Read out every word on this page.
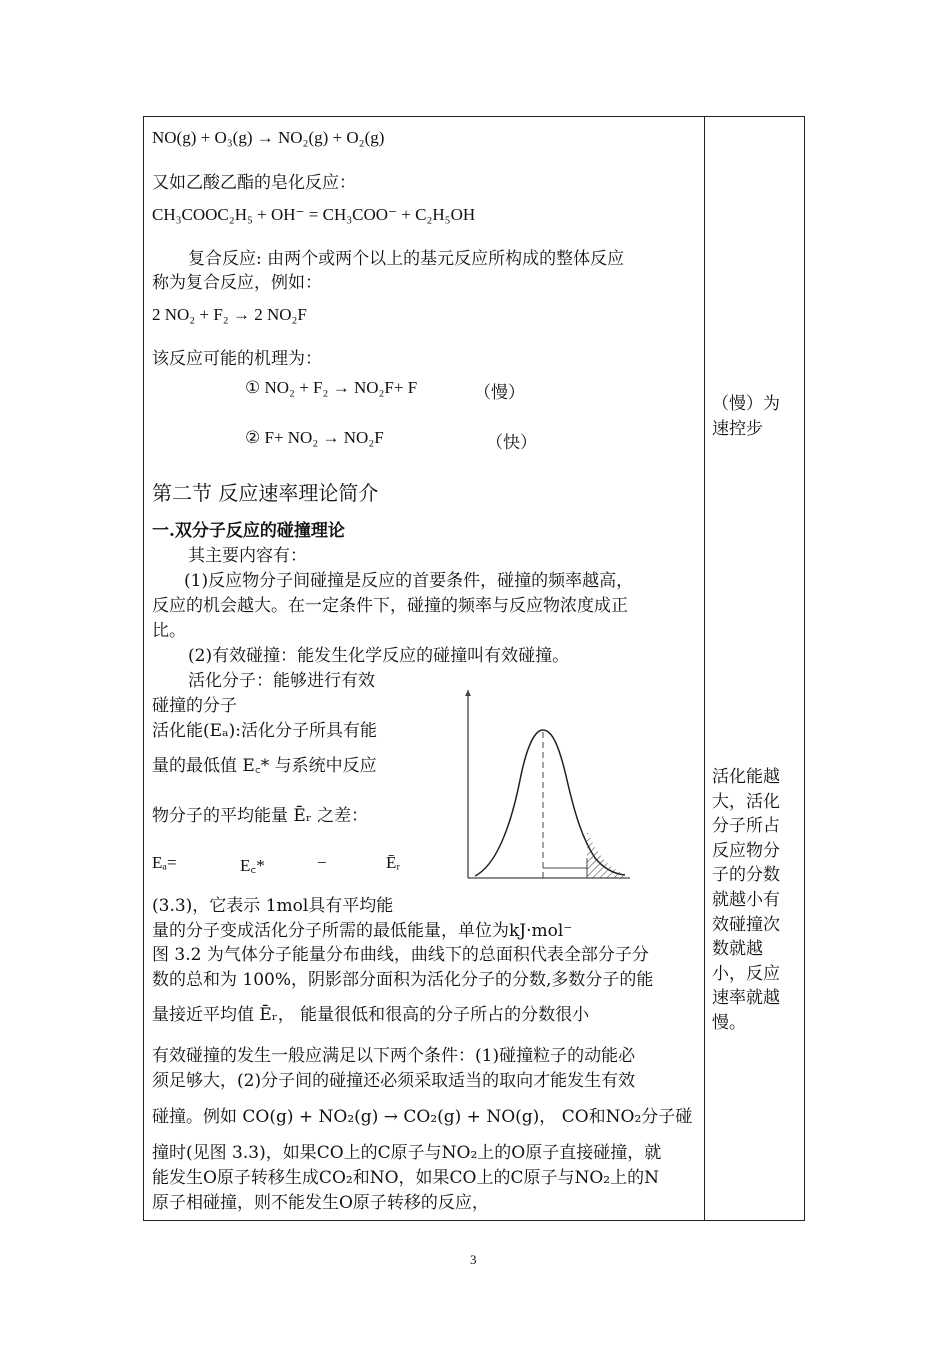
NO(g) + O₃(g) → NO₂(g) + O₂(g)
又如乙酸乙酯的皂化反应：
CH₃COOC₂H₅ + OH⁻ = CH₃COO⁻ + C₂H₅OH
复合反应: 由两个或两个以上的基元反应所构成的整体反应
称为复合反应，例如：
2 NO₂ + F₂ → 2 NO₂F
该反应可能的机理为：
① NO₂ + F₂ → NO₂F+ F	（慢）
② F+ NO₂ → NO₂F	（快）
第二节 反应速率理论简介
一.双分子反应的碰撞理论
其主要内容有：
(1)反应物分子间碰撞是反应的首要条件，碰撞的频率越高，
反应的机会越大。在一定条件下，碰撞的频率与反应物浓度成正
比。
(2)有效碰撞：能发生化学反应的碰撞叫有效碰撞。
活化分子：能够进行有效
碰撞的分子
活化能(Eₐ):活化分子所具有能
量的最低值 E꜀* 与系统中反应
物分子的平均能量 Ēᵣ 之差：
Eₐ=	E꜀*	−	Ēᵣ
(3.3)，它表示 1mol具有平均能
量的分子变成活化分子所需的最低能量，单位为kJ·mol⁻
图 3.2 为气体分子能量分布曲线，曲线下的总面积代表全部分子分
数的总和为 100%，阴影部分面积为活化分子的分数,多数分子的能
量接近平均值 Ēᵣ， 能量很低和很高的分子所占的分数很小
有效碰撞的发生一般应满足以下两个条件：(1)碰撞粒子的动能必
须足够大，(2)分子间的碰撞还必须采取适当的取向才能发生有效
碰撞。例如 CO(g) + NO₂(g) → CO₂(g) + NO(g)， CO和NO₂分子碰
撞时(见图 3.3)，如果CO上的C原子与NO₂上的O原子直接碰撞，就
能发生O原子转移生成CO₂和NO，如果CO上的C原子与NO₂上的N
原子相碰撞，则不能发生O原子转移的反应，
（慢）为
速控步
活化能越
大，活化
分子所占
反应物分
子的分数
就越小有
效碰撞次
数就越
小，反应
速率就越
慢。
3
